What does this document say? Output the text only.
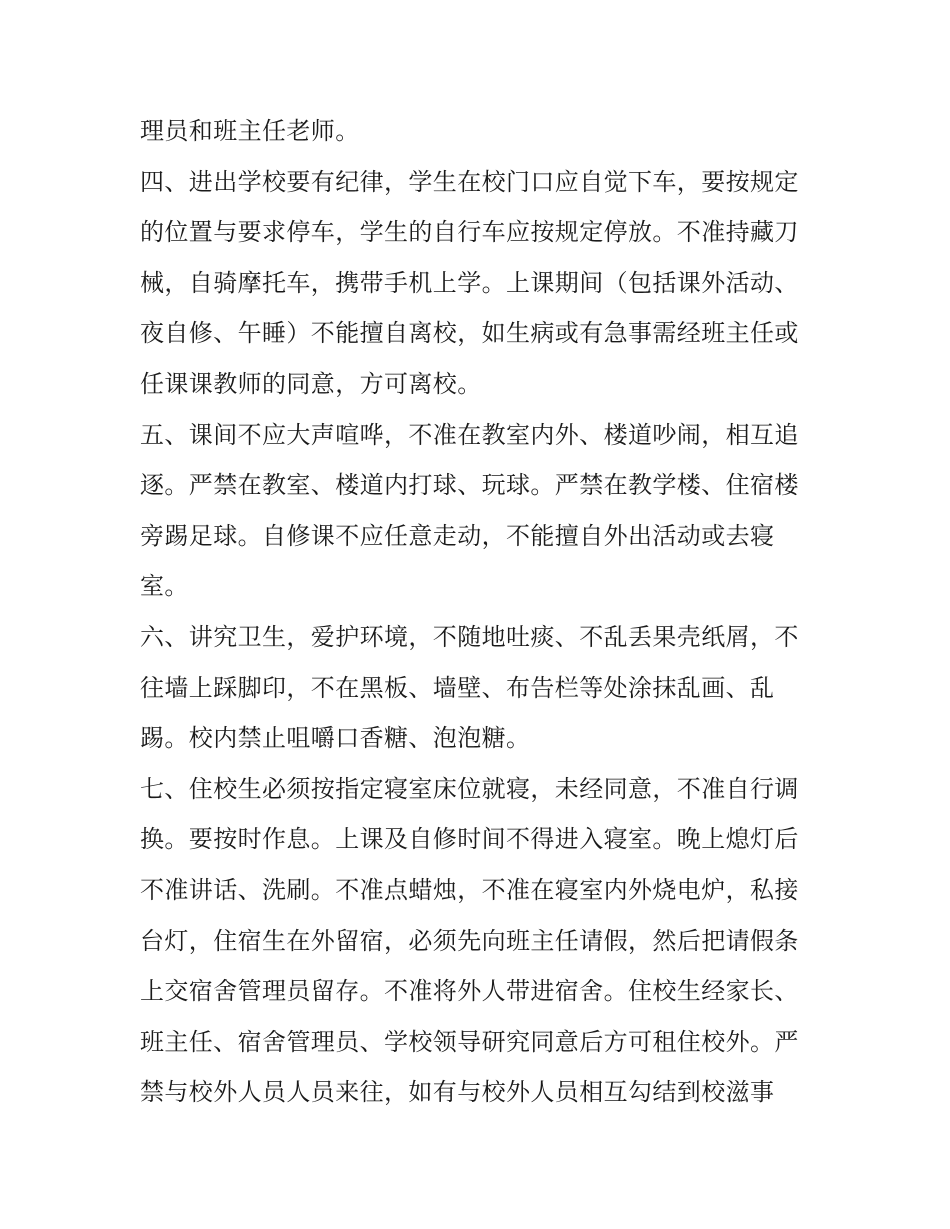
理员和班主任老师。
四、进出学校要有纪律，学生在校门口应自觉下车，要按规定
的位置与要求停车，学生的自行车应按规定停放。不准持藏刀
械，自骑摩托车，携带手机上学。上课期间（包括课外活动、
夜自修、午睡）不能擅自离校，如生病或有急事需经班主任或
任课课教师的同意，方可离校。
五、课间不应大声喧哗，不准在教室内外、楼道吵闹，相互追
逐。严禁在教室、楼道内打球、玩球。严禁在教学楼、住宿楼
旁踢足球。自修课不应任意走动，不能擅自外出活动或去寝
室。
六、讲究卫生，爱护环境，不随地吐痰、不乱丢果壳纸屑，不
往墙上踩脚印，不在黑板、墙壁、布告栏等处涂抹乱画、乱
踢。校内禁止咀嚼口香糖、泡泡糖。
七、住校生必须按指定寝室床位就寝，未经同意，不准自行调
换。要按时作息。上课及自修时间不得进入寝室。晚上熄灯后
不准讲话、洗刷。不准点蜡烛，不准在寝室内外烧电炉，私接
台灯，住宿生在外留宿，必须先向班主任请假，然后把请假条
上交宿舍管理员留存。不准将外人带进宿舍。住校生经家长、
班主任、宿舍管理员、学校领导研究同意后方可租住校外。严
禁与校外人员人员来往，如有与校外人员相互勾结到校滋事
